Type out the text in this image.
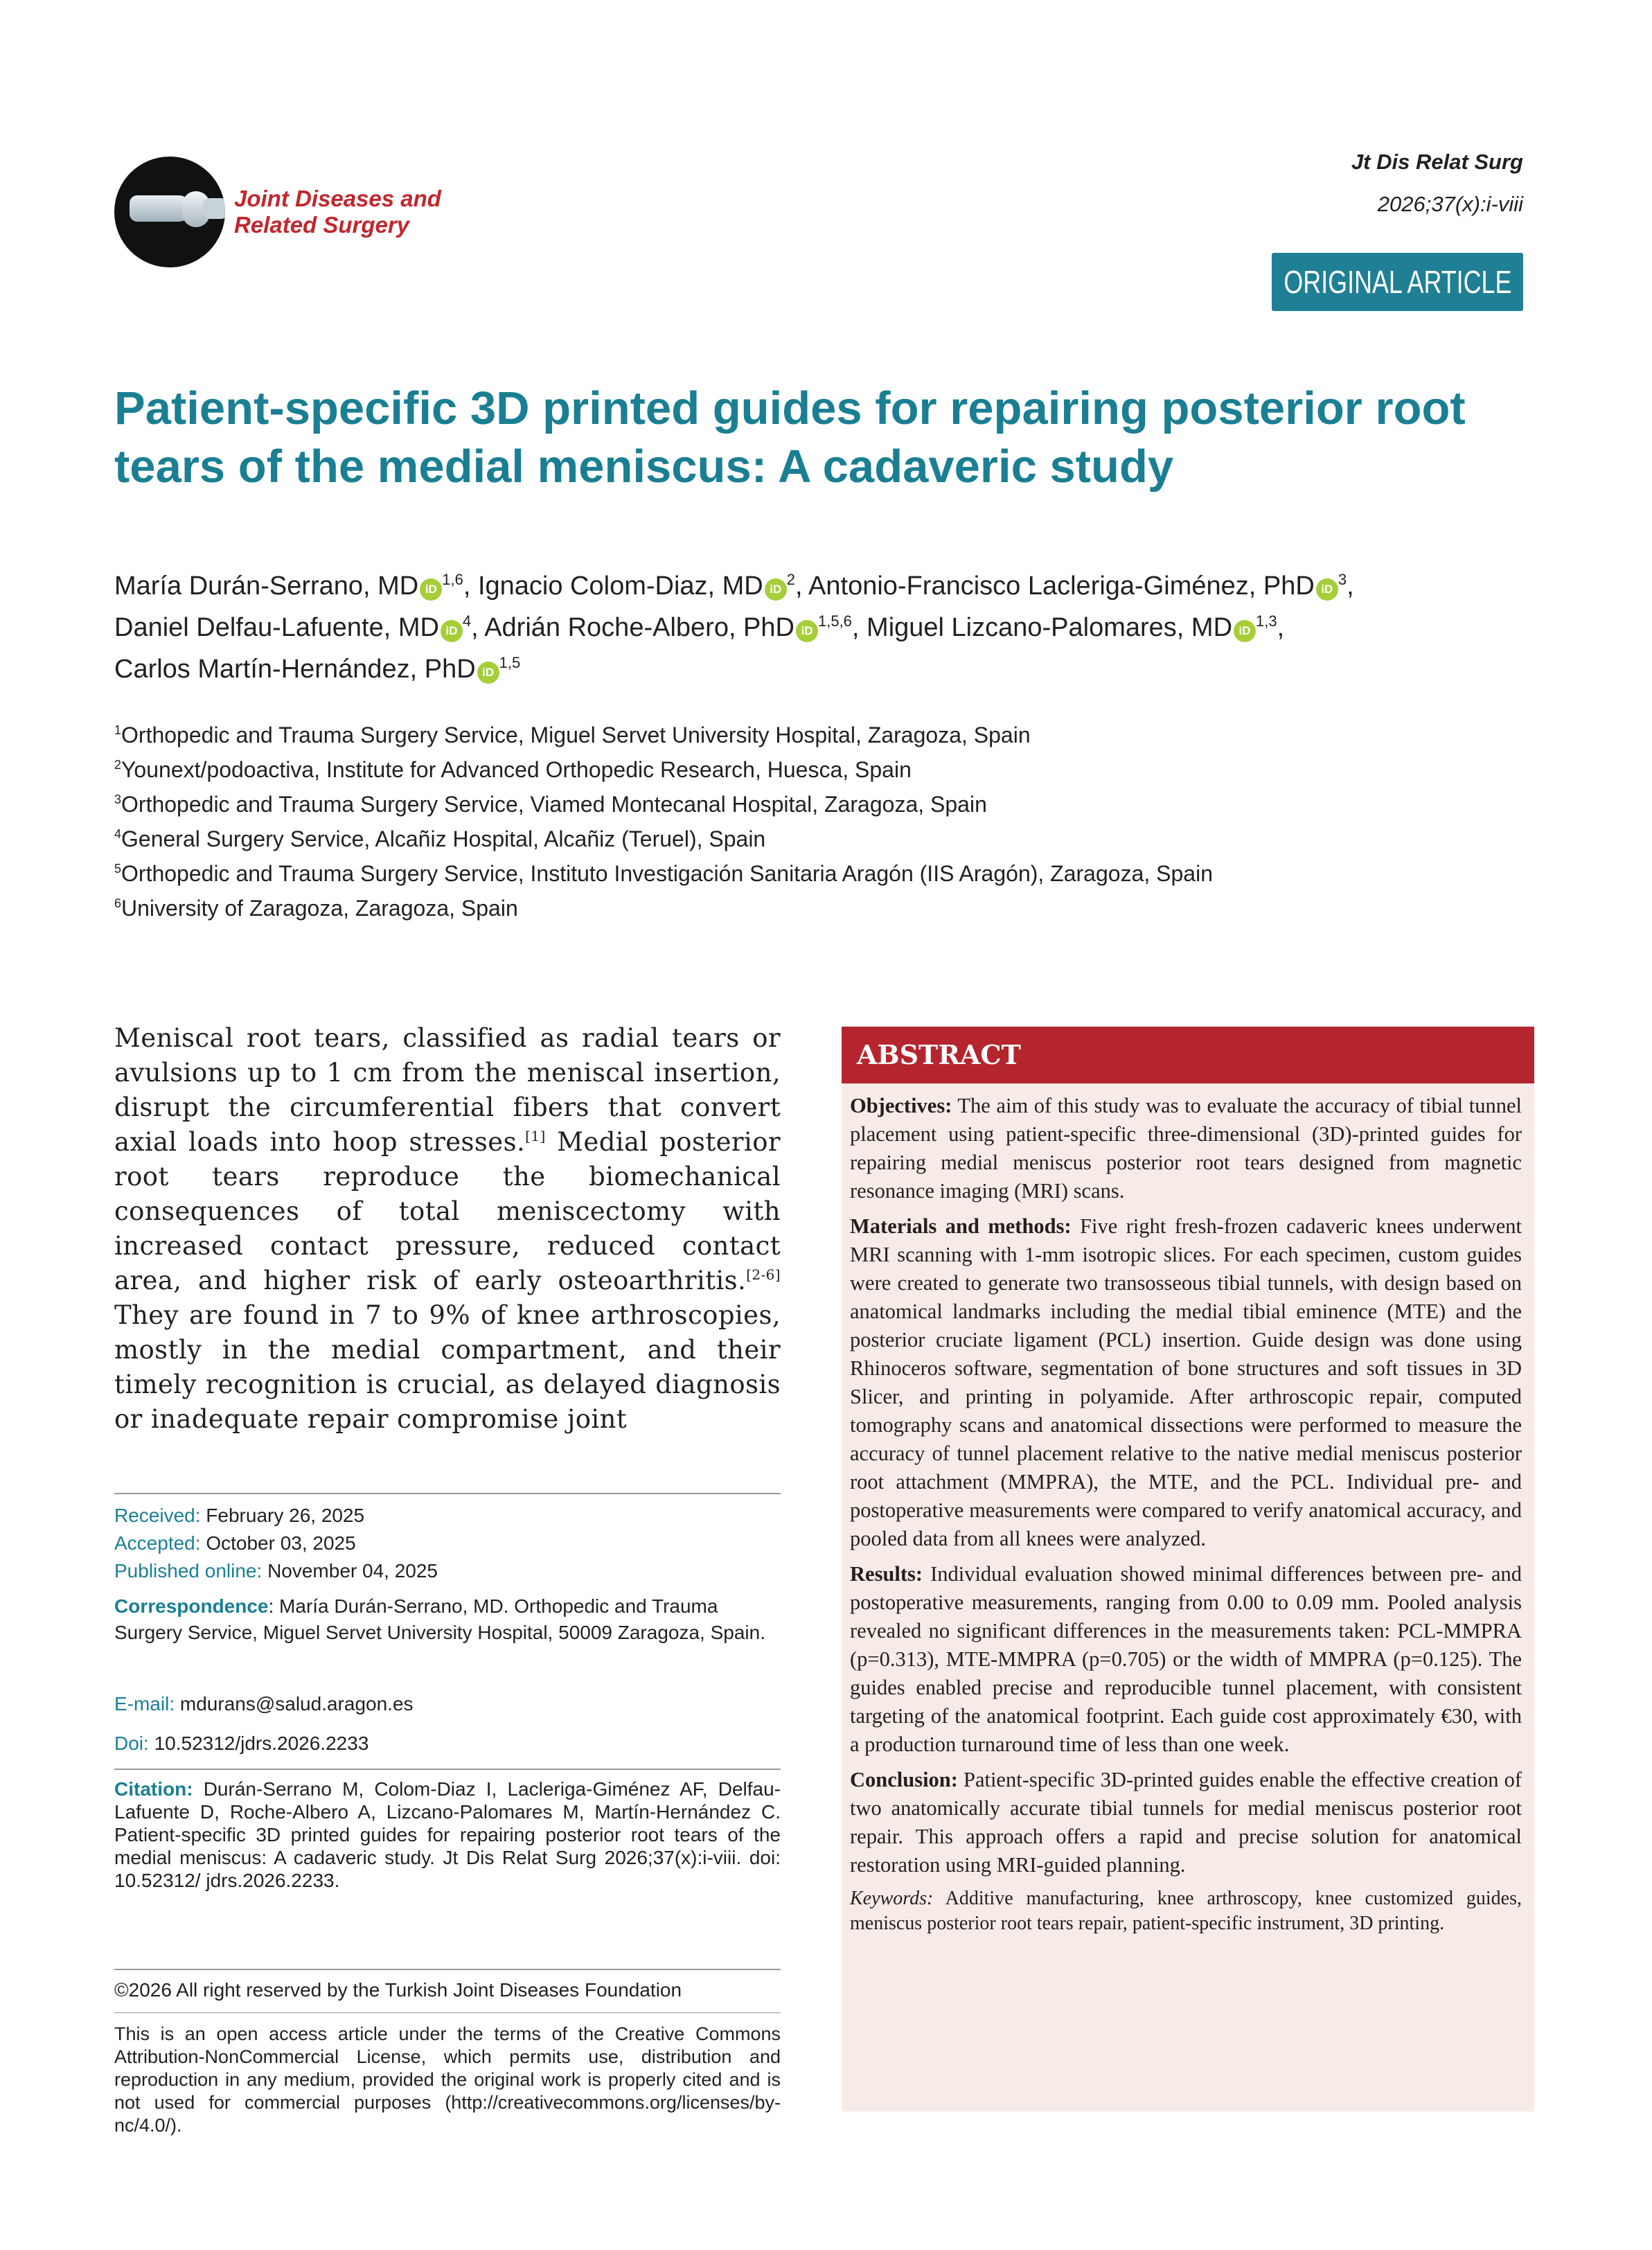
Joint Diseases and
Related Surgery
Jt Dis Relat Surg
2026;37(x):i-viii
ORIGINAL ARTICLE
Patient-specific 3D printed guides for repairing posterior root tears of the medial meniscus: A cadaveric study
María Durán-Serrano, MD iD$^{1,6}$, Ignacio Colom-Diaz, MD $iD^2$, Antonio-Francisco Lacleriga-Giménez, PhD $iD^3$,
Daniel Delfau-Lafuente, MD $iD^4$, Adrián Roche-Albero, PhD iD$^{1,5,6}$, Miguel Lizcano-Palomares, MD iD$^{1,3}$,
Carlos Martín-Hernández, PhD iD$^{1,5}$
$^1$Orthopedic and Trauma Surgery Service, Miguel Servet University Hospital, Zaragoza, Spain
$^2$Younext/podoactiva, Institute for Advanced Orthopedic Research, Huesca, Spain
$^3$Orthopedic and Trauma Surgery Service, Viamed Montecanal Hospital, Zaragoza, Spain
$^4$General Surgery Service, Alcañiz Hospital, Alcañiz (Teruel), Spain
$^5$Orthopedic and Trauma Surgery Service, Instituto Investigación Sanitaria Aragón (IIS Aragón), Zaragoza, Spain
$^6$University of Zaragoza, Zaragoza, Spain

Meniscal root tears, classified as radial tears or avulsions up to 1 cm from the meniscal insertion, disrupt the circumferential fibers that convert axial loads into hoop stresses.[1] Medial posterior root tears reproduce the biomechanical consequences of total meniscectomy with increased contact pressure, reduced contact area, and higher risk of early osteoarthritis.[2-6] They are found in 7 to 9% of knee arthroscopies, mostly in the medial compartment, and their timely recognition is crucial, as delayed diagnosis or inadequate repair compromise joint

Received: February 26, 2025
Accepted: October 03, 2025
Published online: November 04, 2025
Correspondence: María Durán-Serrano, MD. Orthopedic and Trauma Surgery Service, Miguel Servet University Hospital, 50009 Zaragoza, Spain.
E-mail: mdurans@salud.aragon.es
Doi: 10.52312/jdrs.2026.2233
Citation: Durán-Serrano M, Colom-Diaz I, Lacleriga-Giménez AF, Delfau-Lafuente D, Roche-Albero A, Lizcano-Palomares M, Martín-Hernández C. Patient-specific 3D printed guides for repairing posterior root tears of the medial meniscus: A cadaveric study. Jt Dis Relat Surg 2026;37(x):i-viii. doi: 10.52312/ jdrs.2026.2233.
©2026 All right reserved by the Turkish Joint Diseases Foundation
This is an open access article under the terms of the Creative Commons Attribution-NonCommercial License, which permits use, distribution and reproduction in any medium, provided the original work is properly cited and is not used for commercial purposes (http://creativecommons.org/licenses/by-nc/4.0/).
ABSTRACT

Objectives: The aim of this study was to evaluate the accuracy of tibial tunnel placement using patient-specific three-dimensional (3D)-printed guides for repairing medial meniscus posterior root tears designed from magnetic resonance imaging (MRI) scans.

Materials and methods: Five right fresh-frozen cadaveric knees underwent MRI scanning with 1-mm isotropic slices. For each specimen, custom guides were created to generate two transosseous tibial tunnels, with design based on anatomical landmarks including the medial tibial eminence (MTE) and the posterior cruciate ligament (PCL) insertion. Guide design was done using Rhinoceros software, segmentation of bone structures and soft tissues in 3D Slicer, and printing in polyamide. After arthroscopic repair, computed tomography scans and anatomical dissections were performed to measure the accuracy of tunnel placement relative to the native medial meniscus posterior root attachment (MMPRA), the MTE, and the PCL. Individual pre- and postoperative measurements were compared to verify anatomical accuracy, and pooled data from all knees were analyzed.

Results: Individual evaluation showed minimal differences between pre- and postoperative measurements, ranging from 0.00 to 0.09 mm. Pooled analysis revealed no significant differences in the measurements taken: PCL-MMPRA (p=0.313), MTE-MMPRA (p=0.705) or the width of MMPRA (p=0.125). The guides enabled precise and reproducible tunnel placement, with consistent targeting of the anatomical footprint. Each guide cost approximately €30, with a production turnaround time of less than one week.

Conclusion: Patient-specific 3D-printed guides enable the effective creation of two anatomically accurate tibial tunnels for medial meniscus posterior root repair. This approach offers a rapid and precise solution for anatomical restoration using MRI-guided planning.

Keywords: Additive manufacturing, knee arthroscopy, knee customized guides, meniscus posterior root tears repair, patient-specific instrument, 3D printing.
